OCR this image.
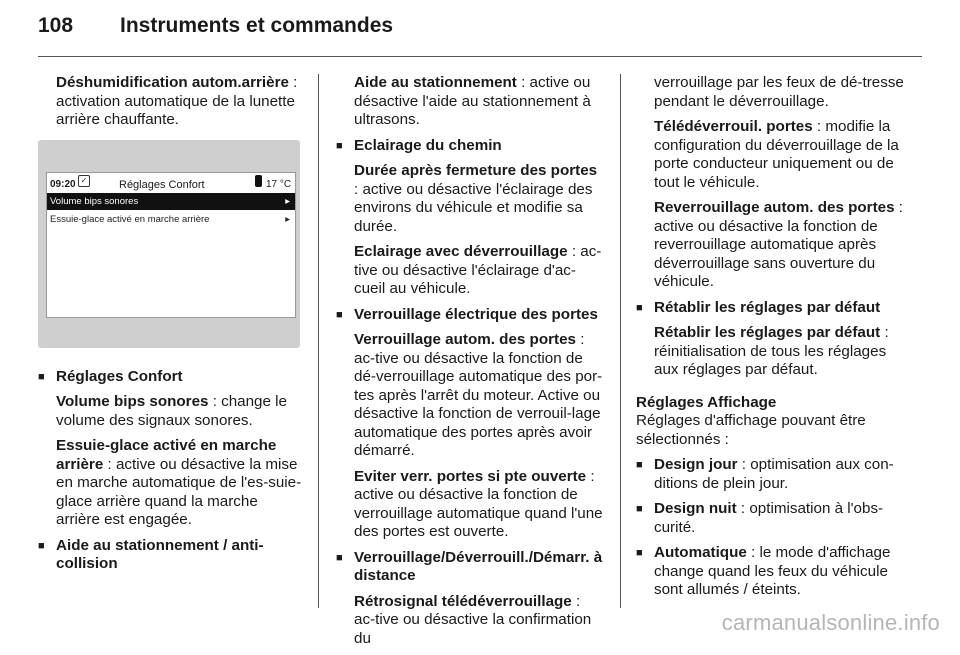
108 Instruments et commandes

Déshumidification autom.arrière : activation automatique de la lunette arrière chauffante.

09:20 ✓	Réglages Confort	17 °C
Volume bips sonores	▸
Essuie-glace activé en marche arrière	▸

■ Réglages Confort

Volume bips sonores : change le volume des signaux sonores.

Essuie-glace activé en marche arrière : active ou désactive la mise en marche automatique de l'es-suie-glace arrière quand la marche arrière est engagée.

■ Aide au stationnement / anti-collision

Aide au stationnement : active ou désactive l'aide au stationnement à ultrasons.

■ Eclairage du chemin

Durée après fermeture des portes : active ou désactive l'éclairage des environs du véhicule et modifie sa durée.

Eclairage avec déverrouillage : ac-tive ou désactive l'éclairage d'ac-cueil au véhicule.

■ Verrouillage électrique des portes

Verrouillage autom. des portes : ac-tive ou désactive la fonction de dé-verrouillage automatique des por-tes après l'arrêt du moteur. Active ou désactive la fonction de verrouil-lage automatique des portes après avoir démarré.

Eviter verr. portes si pte ouverte : active ou désactive la fonction de verrouillage automatique quand l'une des portes est ouverte.

■ Verrouillage/Déverrouill./Démarr. à distance

Rétrosignal télédéverrouillage : ac-tive ou désactive la confirmation du

verrouillage par les feux de dé-tresse pendant le déverrouillage.

Télédéverrouil. portes : modifie la configuration du déverrouillage de la porte conducteur uniquement ou de tout le véhicule.

Reverrouillage autom. des portes : active ou désactive la fonction de reverrouillage automatique après déverrouillage sans ouverture du véhicule.

■ Rétablir les réglages par défaut

Rétablir les réglages par défaut : réinitialisation de tous les réglages aux réglages par défaut.

Réglages Affichage

Réglages d'affichage pouvant être sélectionnés :

■ Design jour : optimisation aux con-ditions de plein jour.

■ Design nuit : optimisation à l'obs-curité.

■ Automatique : le mode d'affichage change quand les feux du véhicule sont allumés / éteints.

carmanualsonline.info
